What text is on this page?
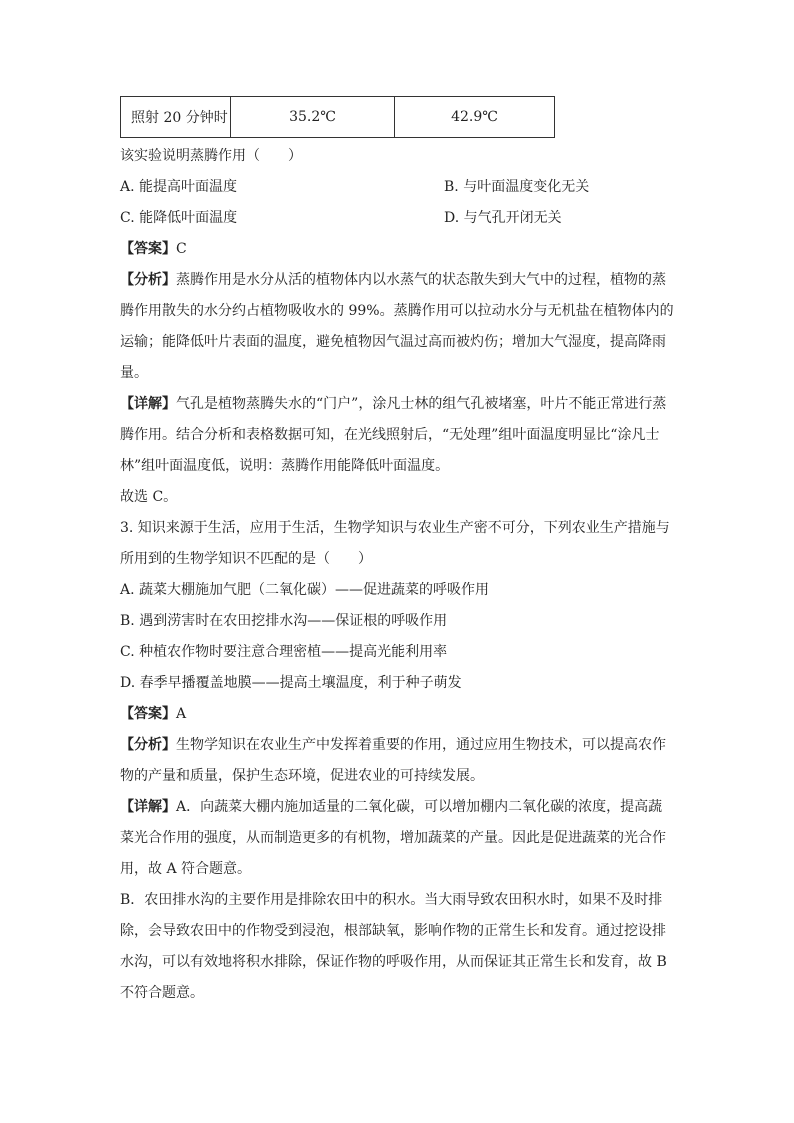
照射 20 分钟时	35.2℃	42.9℃
该实验说明蒸腾作用（　　）
A. 能提高叶面温度	B. 与叶面温度变化无关
C. 能降低叶面温度	D. 与气孔开闭无关
【答案】C
【分析】蒸腾作用是水分从活的植物体内以水蒸气的状态散失到大气中的过程，植物的蒸
腾作用散失的水分约占植物吸收水的 99%。蒸腾作用可以拉动水分与无机盐在植物体内的
运输；能降低叶片表面的温度，避免植物因气温过高而被灼伤；增加大气湿度，提高降雨
量。
【详解】气孔是植物蒸腾失水的“门户”，涂凡士林的组气孔被堵塞，叶片不能正常进行蒸
腾作用。结合分析和表格数据可知，在光线照射后，“无处理”组叶面温度明显比“涂凡士
林”组叶面温度低，说明：蒸腾作用能降低叶面温度。
故选 C。
3. 知识来源于生活，应用于生活，生物学知识与农业生产密不可分，下列农业生产措施与
所用到的生物学知识不匹配的是（　　）
A. 蔬菜大棚施加气肥（二氧化碳）——促进蔬菜的呼吸作用
B. 遇到涝害时在农田挖排水沟——保证根的呼吸作用
C. 种植农作物时要注意合理密植——提高光能利用率
D. 春季早播覆盖地膜——提高土壤温度，利于种子萌发
【答案】A
【分析】生物学知识在农业生产中发挥着重要的作用，通过应用生物技术，可以提高农作
物的产量和质量，保护生态环境，促进农业的可持续发展。
【详解】A．向蔬菜大棚内施加适量的二氧化碳，可以增加棚内二氧化碳的浓度，提高蔬
菜光合作用的强度，从而制造更多的有机物，增加蔬菜的产量。因此是促进蔬菜的光合作
用，故 A 符合题意。
B．农田排水沟的主要作用是排除农田中的积水。当大雨导致农田积水时，如果不及时排
除，会导致农田中的作物受到浸泡，根部缺氧，影响作物的正常生长和发育。通过挖设排
水沟，可以有效地将积水排除，保证作物的呼吸作用，从而保证其正常生长和发育，故 B
不符合题意。
